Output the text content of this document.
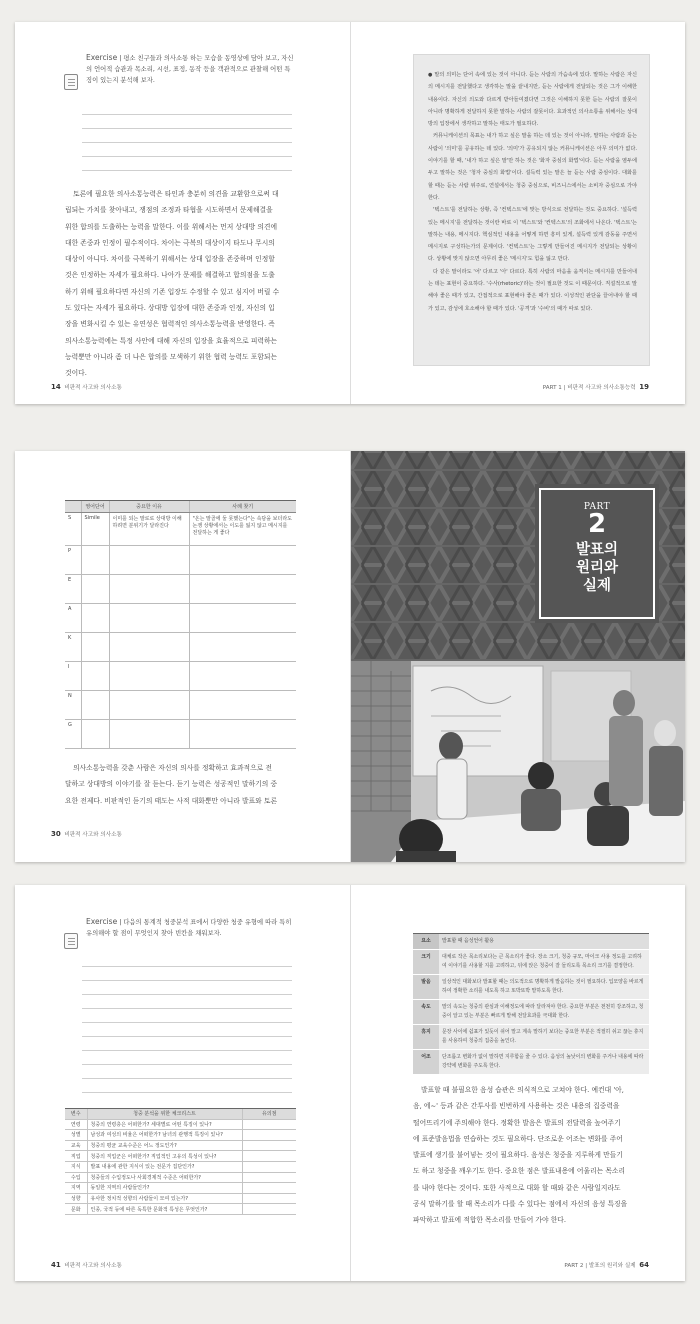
Exercise | 평소 친구들과 의사소통 하는 모습을 동영상에 담아 보고, 자신의 언어적 습관과 목소리, 시선, 표정, 동작 등을 객관적으로 관찰해 어떤 특징이 있는지 분석해 보자.
토론에 필요한 의사소통능력은 타인과 충분히 의견을 교환함으로써 대
립되는 가치를 찾아내고, 쟁점의 조정과 타협을 시도하면서 문제해결을
위한 합의를 도출하는 능력을 말한다. 이를 위해서는 먼저 상대방 의견에
대한 존중과 인정이 필수적이다. 차이는 극복의 대상이지 타도나 무시의
대상이 아니다. 차이를 극복하기 위해서는 상대 입장을 존중하며 인정할
것은 인정하는 자세가 필요하다. 나아가 문제를 해결하고 합의점을 도출
하기 위해 필요하다면 자신의 기존 입장도 수정할 수 있고 심지어 버릴 수
도 있다는 자세가 필요하다. 상대방 입장에 대한 존중과 인정, 자신의 입
장을 변화시킬 수 있는 유연성은 협력적인 의사소통능력을 반영한다. 즉
의사소통능력에는 특정 사안에 대해 자신의 입장을 효율적으로 피력하는
능력뿐만 아니라 좀 더 나은 합의를 모색하기 위한 협력 능력도 포함되는
것이다.
14 비판적 사고와 의사소통

● 말의 의미는 단어 속에 있는 것이 아니다. 듣는 사람의 가슴속에 있다. 말하는 사람은 자신의 메시지를 전달했다고 생각하는 말을 끝내지만, 듣는 사람에게 전달되는 것은 그가 이해한 내용이다. 자신의 의도와 다르게 받아들여졌다면 그것은 이해하지 못한 듣는 사람의 잘못이 아니라 명확하게 전달하지 못한 말하는 사람의 잘못이다. 효과적인 의사소통을 위해서는 상대방의 입장에서 생각하고 말하는 태도가 필요하다.

커뮤니케이션의 목표는 내가 하고 싶은 말을 하는 데 있는 것이 아니라, 말하는 사람과 듣는 사람이 '의미'를 공유하는 데 있다. '의미'가 공유되지 않는 커뮤니케이션은 아무 의미가 없다. 이야기를 할 때, '내가 하고 싶은 말'만 하는 것은 '화자 중심의 화법'이다. 듣는 사람을 염두에 두고 말하는 것은 '청자 중심의 화법'이다. 설득력 있는 말은 늘 듣는 사람 중심이다. 대화를 할 때는 듣는 사람 위주로, 연설에서는 청중 중심으로, 비즈니스에서는 소비자 중심으로 가야 한다.

'텍스트'를 전달하는 상황, 즉 '컨텍스트'에 맞는 방식으로 전달하는 것도 중요하다. '설득력 있는 메시지'를 전달하는 것이란 바로 이 '텍스트'와 '컨텍스트'의 조화에서 나온다. '텍스트'는 말하는 내용, 메시지다. 핵심적인 내용을 어떻게 하면 흥미 있게, 설득력 있게 감동을 주면서 메시지로 구성하는가의 문제이다. '컨텍스트'는 그렇게 만들어진 메시지가 전달되는 상황이다. 상황에 맞지 않으면 아무리 좋은 '메시지'도 힘을 잃고 만다.

다 같은 말이라도 '어' 다르고 '아' 다르다. 특히 사람의 마음을 움직이는 메시지를 만들어내는 데는 표현이 중요하다. '수사(rhetoric)'라는 것이 필요한 것도 이 때문이다. 직설적으로 말해야 좋은 때가 있고, 간접적으로 표현해야 좋은 때가 있다. 이성적인 판단을 끌어내야 할 때가 있고, 감성에 호소해야 할 때가 있다. '공격'과 '수비'의 때가 따로 있다.

PART 1 | 비판적 사고와 의사소통능력 19
	영어단어	중요한 이유	사례 찾기
S	Simile	이미를 되는 말로로 상대방 이해하려면 분위기가 달라진다	"온는 말골에 둘 못했는다"는 속담을 보더라도 논쟁 상황에서는 이도를 잃지 않고 메시지를 전달하는 게 좋다
P			
E			
A			
K			
I			
N			
G			
의사소통능력을 갖춘 사람은 자신의 의사를 정확하고 효과적으로 전
달하고 상대방의 이야기를 잘 듣는다. 듣기 능력은 성공적인 말하기의 중
요한 전제다. 비판적인 듣기의 태도는 사적 대화뿐만 아니라 발표와 토론
30 비판적 사고와 의사소통
PART
2
발표의
원리와
실제
Exercise | 다음의 통계적 청중분석 표에서 다양한 청중 유형에 따라 특히 유의해야 할 점이 무엇인지 찾아 빈칸을 채워보자.
변수	청중 분석을 위한 체크리스트	유의점
연령	청중의 연령층은 어떠한가? 세대별로 어떤 특징이 있나?	
성별	남성과 여성의 비율은 어떠한가? 남녀의 관행적 특징이 있나?	
교육	청중의 평균 교육수준은 어느 정도인가?	
직업	청중의 직업군은 어떠한가? 직업적인 고유의 특성이 있나?	
지식	발표 내용에 관한 지식이 있는 전문가 집단인가?	
수입	청중들의 수입정도나 사회경제적 수준은 어떠한가?	
지역	동일한 지역의 사람들인가?	
성향	유사한 정치적 성향의 사람들이 모여 있는가?	
문화	인종, 국적 등에 따른 독특한 문화적 특성은 무엇인가?	
41 비판적 사고와 의사소통
요소	발표할 때 음성언어 활용
크기	대체로 작은 목소리보다는 큰 목소리가 좋다. 장소 크기, 청중 규모, 마이크 사용 정도를 고려하여 이야기를 사용할 지를 고려하고, 뒤에 앉은 청중이 잘 들리도록 목소리 크기를 결정한다.
발음	일상적인 대화보다 발표할 때는 의도적으로 명확하게 발음하는 것이 필요하다. 입모양을 바르게 하여 정확한 소리를 내도록 하고 또박또박 말하도록 한다.
속도	말의 속도는 청중의 관심과 이해정도에 따라 달라져야 한다. 중요한 부분은 천천히 강조하고, 청중이 알고 있는 부분은 빠르게 말해 전달효과를 극대화 한다.
휴지	문장 사이에 쉼표가 있듯이 쉬어 말고 계속 말하기 보다는 중요한 부분은 적절히 쉬고 끊는 휴지를 사용하여 청중의 집중을 높인다.
어조	단조롭고 변화가 없이 말하면 지루함을 줄 수 있다. 음성의 높낮이의 변화를 주거나 내용에 따라 강약에 변화를 주도록 한다.
발표할 때 불필요한 음성 습관은 의식적으로 고쳐야 한다. 예컨대 '아,
음, 에~' 등과 같은 간투사를 빈번하게 사용하는 것은 내용의 집중력을
떨어뜨리기에 주의해야 한다. 정확한 발음은 발표의 전달력을 높여주기
에 표준발음법을 연습하는 것도 필요하다. 단조로운 어조는 변화를 주어
발표에 생기를 불어넣는 것이 필요하다. 음성은 청중을 지루하게 만들기
도 하고 청중을 깨우기도 한다. 중요한 점은 발표내용에 어울리는 목소리
를 내야 한다는 것이다. 또한 사적으로 대화 할 때와 같은 사람일지라도
공식 말하기를 할 때 목소리가 다를 수 있다는 점에서 자신의 음성 특징을
파악하고 발표에 적합한 목소리를 만들어 가야 한다.
PART 2 | 발표의 원리와 실제 64
